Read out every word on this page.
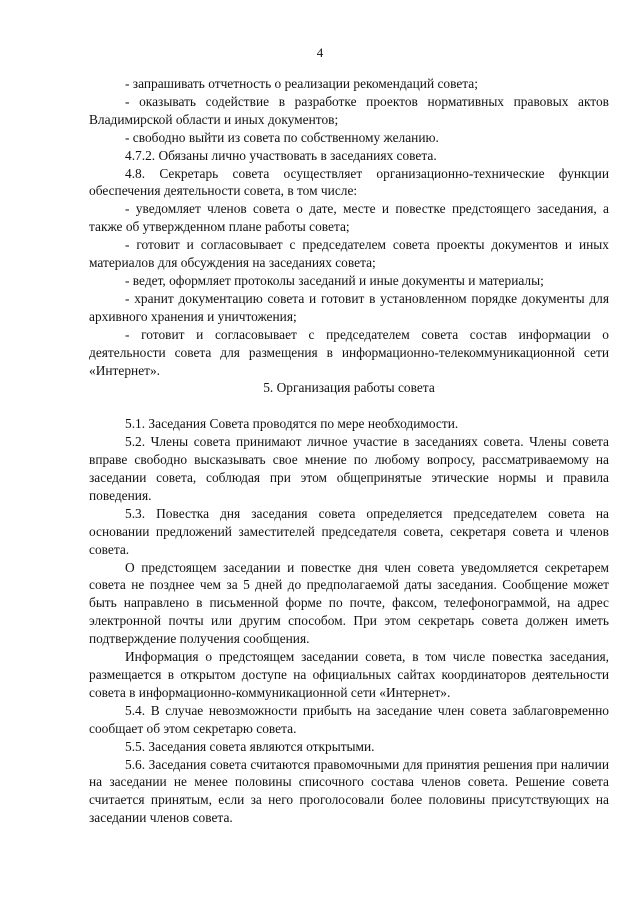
4

- запрашивать отчетность о реализации рекомендаций совета;

- оказывать содействие в разработке проектов нормативных правовых актов Владимирской области и иных документов;

- свободно выйти из совета по собственному желанию.

4.7.2. Обязаны лично участвовать в заседаниях совета.

4.8. Секретарь совета осуществляет организационно-технические функции обеспечения деятельности совета, в том числе:

- уведомляет членов совета о дате, месте и повестке предстоящего заседания, а также об утвержденном плане работы совета;

- готовит и согласовывает с председателем совета проекты документов и иных материалов для обсуждения на заседаниях совета;

- ведет, оформляет протоколы заседаний и иные документы и материалы;

- хранит документацию совета и готовит в установленном порядке документы для архивного хранения и уничтожения;

- готовит и согласовывает с председателем совета состав информации о деятельности совета для размещения в информационно-телекоммуникационной сети «Интернет».

5. Организация работы совета

5.1. Заседания Совета проводятся по мере необходимости.

5.2. Члены совета принимают личное участие в заседаниях совета. Члены совета вправе свободно высказывать свое мнение по любому вопросу, рассматриваемому на заседании совета, соблюдая при этом общепринятые этические нормы и правила поведения.

5.3. Повестка дня заседания совета определяется председателем совета на основании предложений заместителей председателя совета, секретаря совета и членов совета.

О предстоящем заседании и повестке дня член совета уведомляется секретарем совета не позднее чем за 5 дней до предполагаемой даты заседания. Сообщение может быть направлено в письменной форме по почте, факсом, телефонограммой, на адрес электронной почты или другим способом. При этом секретарь совета должен иметь подтверждение получения сообщения.

Информация о предстоящем заседании совета, в том числе повестка заседания, размещается в открытом доступе на официальных сайтах координаторов деятельности совета в информационно-коммуникационной сети «Интернет».

5.4. В случае невозможности прибыть на заседание член совета заблаговременно сообщает об этом секретарю совета.

5.5. Заседания совета являются открытыми.

5.6. Заседания совета считаются правомочными для принятия решения при наличии на заседании не менее половины списочного состава членов совета. Решение совета считается принятым, если за него проголосовали более половины присутствующих на заседании членов совета.
